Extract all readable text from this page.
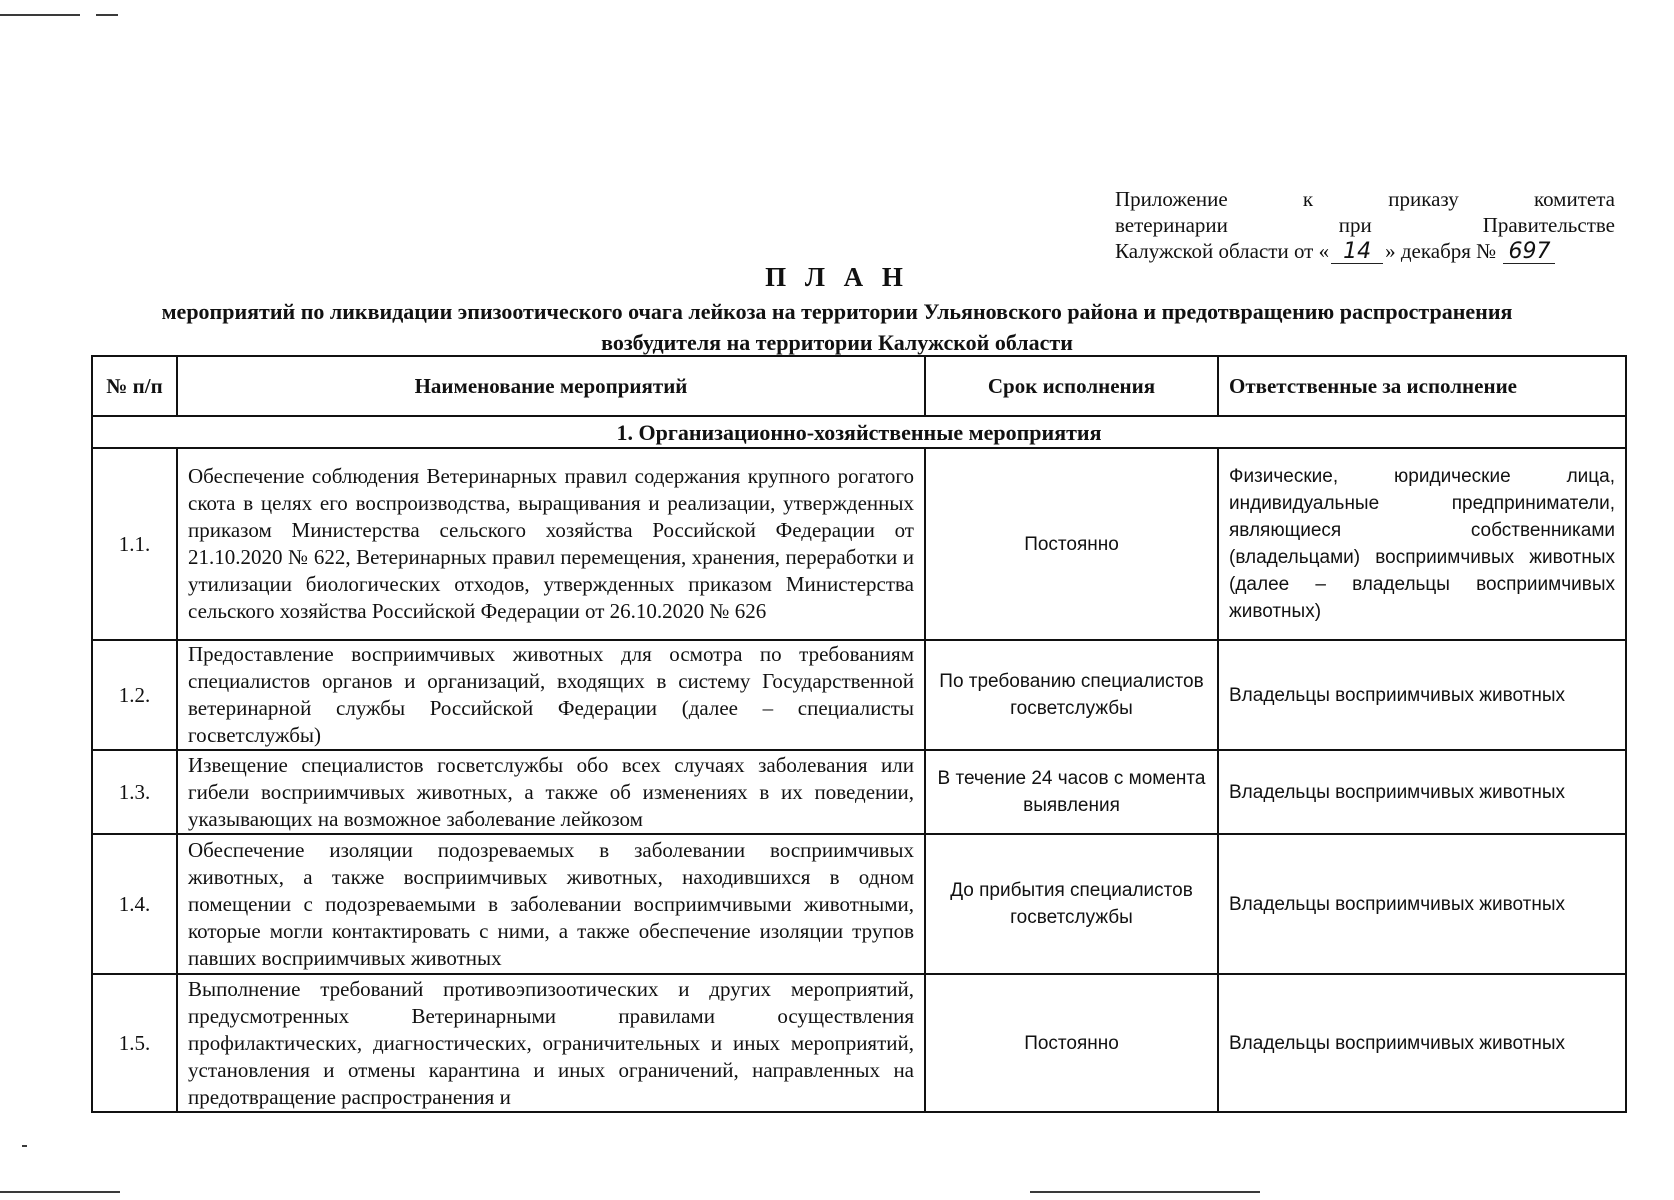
Приложение	к	приказу	комитета
ветеринарии	при	Правительстве
Калужской области от « 14 » декабря № 697
П Л А Н
мероприятий по ликвидации эпизоотического очага лейкоза на территории Ульяновского района и предотвращению распространения возбудителя на территории Калужской области
№ п/п	Наименование мероприятий	Срок исполнения	Ответственные за исполнение
1. Организационно-хозяйственные мероприятия			
1.1.	Обеспечение соблюдения Ветеринарных правил содержания крупного рогатого скота в целях его воспроизводства, выращивания и реализации, утвержденных приказом Министерства сельского хозяйства Российской Федерации от 21.10.2020 № 622, Ветеринарных правил перемещения, хранения, переработки и утилизации биологических отходов, утвержденных приказом Министерства сельского хозяйства Российской Федерации от 26.10.2020 № 626	Постоянно	Физические, юридические лица, индивидуальные предприниматели, являющиеся собственниками (владельцами) восприимчивых животных (далее – владельцы восприимчивых животных)
1.2.	Предоставление восприимчивых животных для осмотра по требованиям специалистов органов и организаций, входящих в систему Государственной ветеринарной службы Российской Федерации (далее – специалисты госветслужбы)	По требованию специалистов госветслужбы	Владельцы восприимчивых животных
1.3.	Извещение специалистов госветслужбы обо всех случаях заболевания или гибели восприимчивых животных, а также об изменениях в их поведении, указывающих на возможное заболевание лейкозом	В течение 24 часов с момента выявления	Владельцы восприимчивых животных
1.4.	Обеспечение изоляции подозреваемых в заболевании восприимчивых животных, а также восприимчивых животных, находившихся в одном помещении с подозреваемыми в заболевании восприимчивыми животными, которые могли контактировать с ними, а также обеспечение изоляции трупов павших восприимчивых животных	До прибытия специалистов госветслужбы	Владельцы восприимчивых животных
1.5.	Выполнение требований противоэпизоотических и других мероприятий, предусмотренных Ветеринарными правилами осуществления профилактических, диагностических, ограничительных и иных мероприятий, установления и отмены карантина и иных ограничений, направленных на предотвращение распространения и	Постоянно	Владельцы восприимчивых животных
